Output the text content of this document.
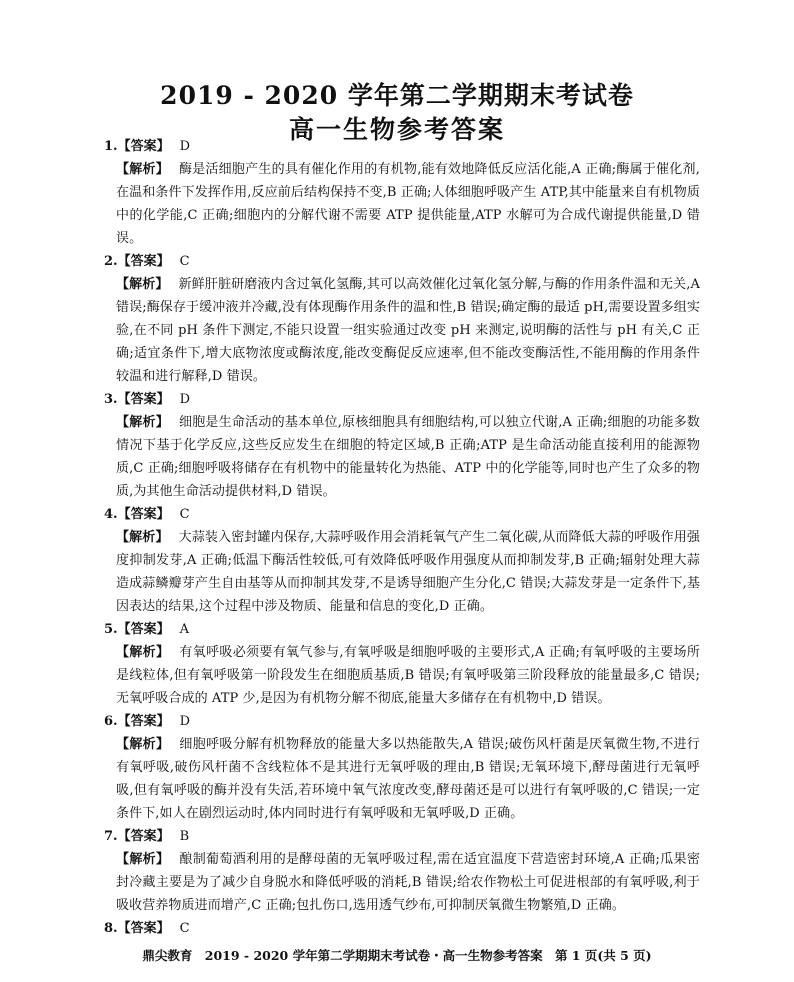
2019 - 2020 学年第二学期期末考试卷
高一生物参考答案
1.【答案】 D

【解析】 酶是活细胞产生的具有催化作用的有机物,能有效地降低反应活化能,A 正确;酶属于催化剂,在温和条件下发挥作用,反应前后结构保持不变,B 正确;人体细胞呼吸产生 ATP,其中能量来自有机物质中的化学能,C 正确;细胞内的分解代谢不需要 ATP 提供能量,ATP 水解可为合成代谢提供能量,D 错误。

2.【答案】 C

【解析】 新鲜肝脏研磨液内含过氧化氢酶,其可以高效催化过氧化氢分解,与酶的作用条件温和无关,A 错误;酶保存于缓冲液并冷藏,没有体现酶作用条件的温和性,B 错误;确定酶的最适 pH,需要设置多组实验,在不同 pH 条件下测定,不能只设置一组实验通过改变 pH 来测定,说明酶的活性与 pH 有关,C 正确;适宜条件下,增大底物浓度或酶浓度,能改变酶促反应速率,但不能改变酶活性,不能用酶的作用条件较温和进行解释,D 错误。

3.【答案】 D

【解析】 细胞是生命活动的基本单位,原核细胞具有细胞结构,可以独立代谢,A 正确;细胞的功能多数情况下基于化学反应,这些反应发生在细胞的特定区域,B 正确;ATP 是生命活动能直接利用的能源物质,C 正确;细胞呼吸将储存在有机物中的能量转化为热能、ATP 中的化学能等,同时也产生了众多的物质,为其他生命活动提供材料,D 错误。

4.【答案】 C

【解析】 大蒜装入密封罐内保存,大蒜呼吸作用会消耗氧气产生二氧化碳,从而降低大蒜的呼吸作用强度抑制发芽,A 正确;低温下酶活性较低,可有效降低呼吸作用强度从而抑制发芽,B 正确;辐射处理大蒜造成蒜鳞瓣芽产生自由基等从而抑制其发芽,不是诱导细胞产生分化,C 错误;大蒜发芽是一定条件下,基因表达的结果,这个过程中涉及物质、能量和信息的变化,D 正确。

5.【答案】 A

【解析】 有氧呼吸必须要有氧气参与,有氧呼吸是细胞呼吸的主要形式,A 正确;有氧呼吸的主要场所是线粒体,但有氧呼吸第一阶段发生在细胞质基质,B 错误;有氧呼吸第三阶段释放的能量最多,C 错误;无氧呼吸合成的 ATP 少,是因为有机物分解不彻底,能量大多储存在有机物中,D 错误。

6.【答案】 D

【解析】 细胞呼吸分解有机物释放的能量大多以热能散失,A 错误;破伤风杆菌是厌氧微生物,不进行有氧呼吸,破伤风杆菌不含线粒体不是其进行无氧呼吸的理由,B 错误;无氧环境下,酵母菌进行无氧呼吸,但有氧呼吸的酶并没有失活,若环境中氧气浓度改变,酵母菌还是可以进行有氧呼吸的,C 错误;一定条件下,如人在剧烈运动时,体内同时进行有氧呼吸和无氧呼吸,D 正确。

7.【答案】 B

【解析】 酿制葡萄酒利用的是酵母菌的无氧呼吸过程,需在适宜温度下营造密封环境,A 正确;瓜果密封冷藏主要是为了减少自身脱水和降低呼吸的消耗,B 错误;给农作物松土可促进根部的有氧呼吸,利于吸收营养物质进而增产,C 正确;包扎伤口,选用透气纱布,可抑制厌氧微生物繁殖,D 正确。

8.【答案】 C
鼎尖教育 2019 - 2020 学年第二学期期末考试卷・高一生物参考答案 第 1 页(共 5 页)
